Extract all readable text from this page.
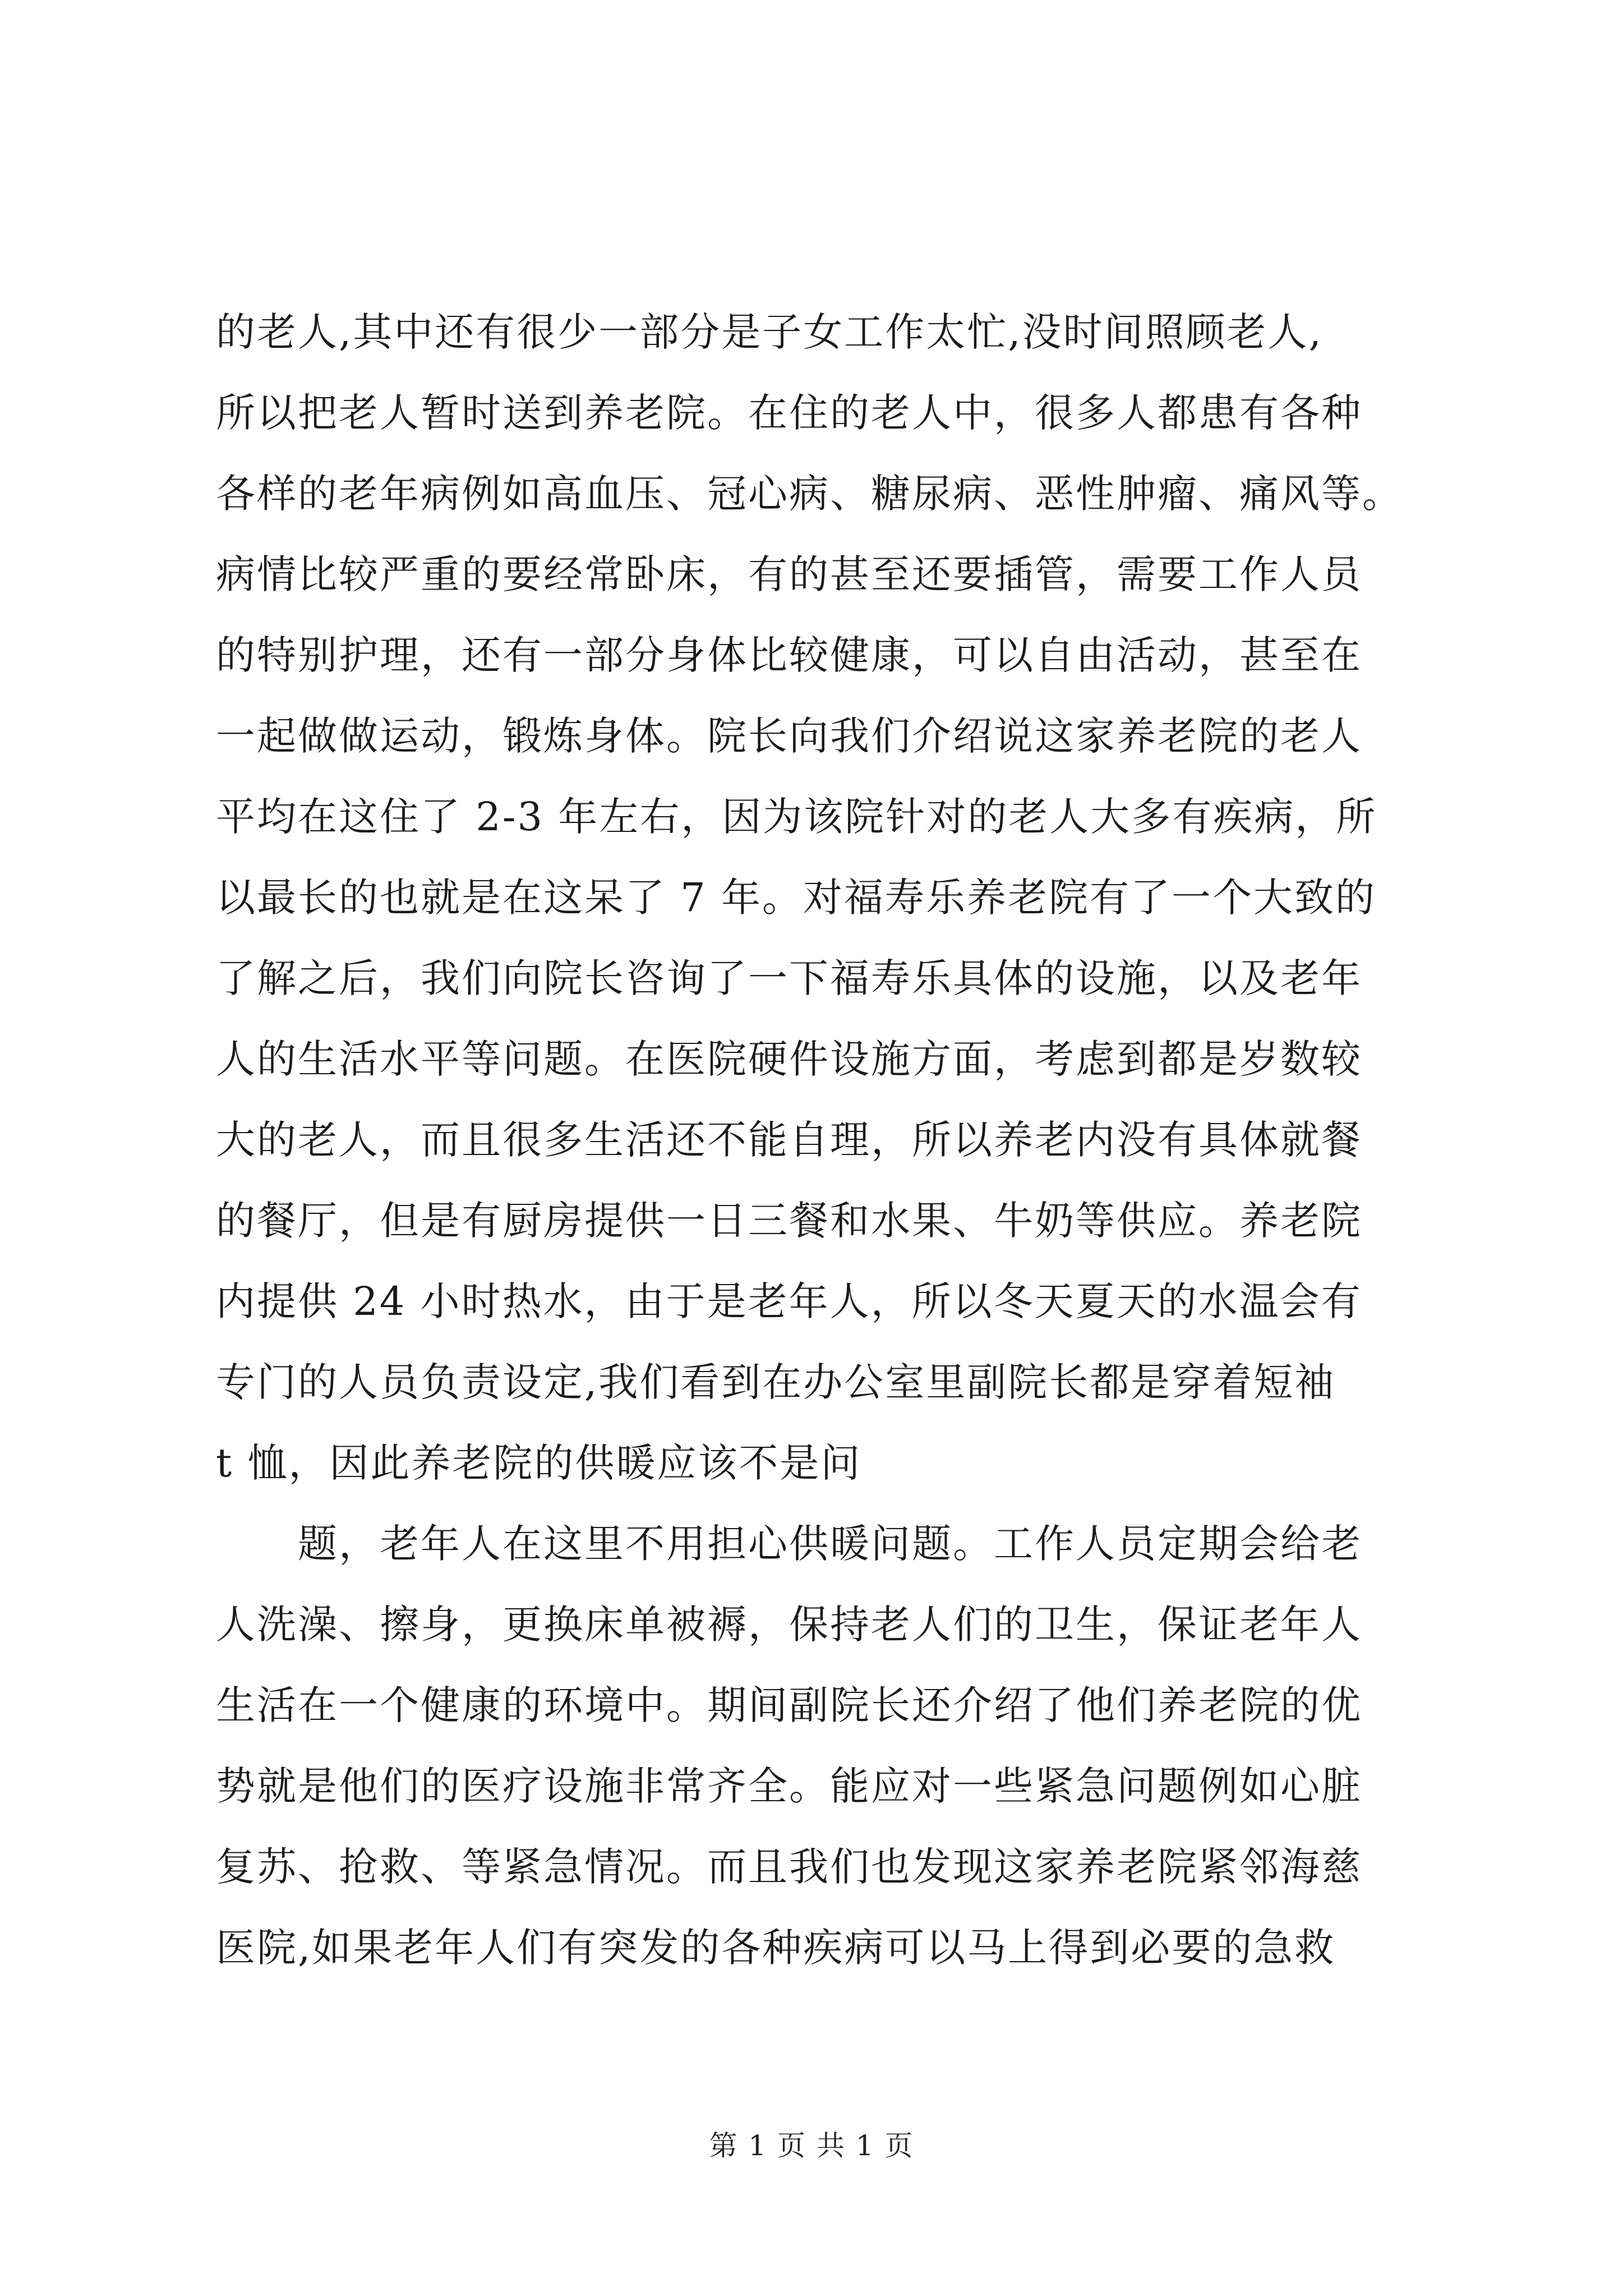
的老人,其中还有很少一部分是子女工作太忙,没时间照顾老人,
所以把老人暂时送到养老院。在住的老人中，很多人都患有各种
各样的老年病例如高血压、冠心病、糖尿病、恶性肿瘤、痛风等。
病情比较严重的要经常卧床，有的甚至还要插管，需要工作人员
的特别护理，还有一部分身体比较健康，可以自由活动，甚至在
一起做做运动，锻炼身体。院长向我们介绍说这家养老院的老人
平均在这住了 2-3 年左右，因为该院针对的老人大多有疾病，所
以最长的也就是在这呆了 7 年。对福寿乐养老院有了一个大致的
了解之后，我们向院长咨询了一下福寿乐具体的设施，以及老年
人的生活水平等问题。在医院硬件设施方面，考虑到都是岁数较
大的老人，而且很多生活还不能自理，所以养老内没有具体就餐
的餐厅，但是有厨房提供一日三餐和水果、牛奶等供应。养老院
内提供 24 小时热水，由于是老年人，所以冬天夏天的水温会有
专门的人员负责设定,我们看到在办公室里副院长都是穿着短袖
t 恤，因此养老院的供暖应该不是问
题，老年人在这里不用担心供暖问题。工作人员定期会给老
人洗澡、擦身，更换床单被褥，保持老人们的卫生，保证老年人
生活在一个健康的环境中。期间副院长还介绍了他们养老院的优
势就是他们的医疗设施非常齐全。能应对一些紧急问题例如心脏
复苏、抢救、等紧急情况。而且我们也发现这家养老院紧邻海慈
医院,如果老年人们有突发的各种疾病可以马上得到必要的急救
第 1 页 共 1 页
